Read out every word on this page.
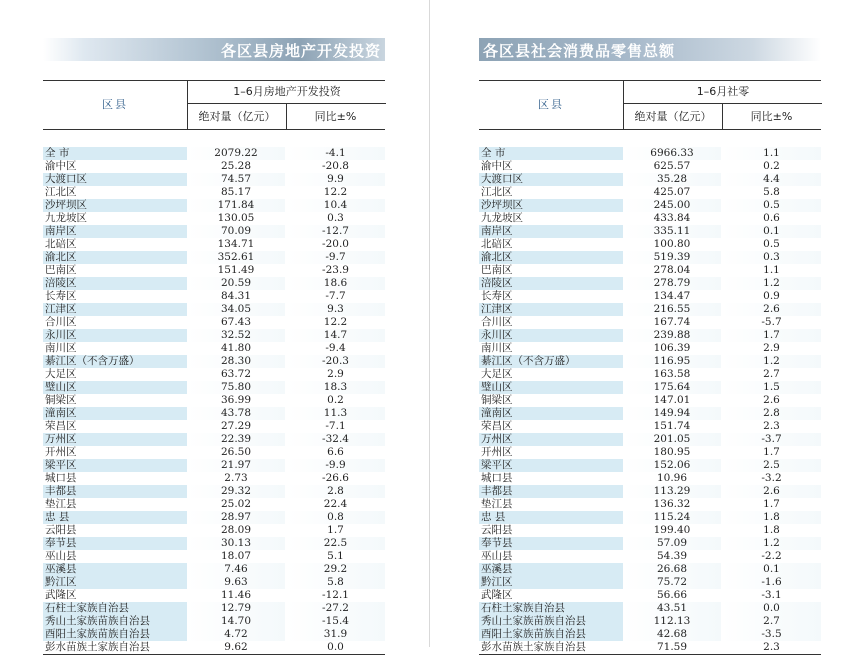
各区县房地产开发投资
区县
1–6月房地产开发投资
绝对量（亿元）	同比±%
全 市	2079.22	-4.1
渝中区	25.28	-20.8
大渡口区	74.57	9.9
江北区	85.17	12.2
沙坪坝区	171.84	10.4
九龙坡区	130.05	0.3
南岸区	70.09	-12.7
北碚区	134.71	-20.0
渝北区	352.61	-9.7
巴南区	151.49	-23.9
涪陵区	20.59	18.6
长寿区	84.31	-7.7
江津区	34.05	9.3
合川区	67.43	12.2
永川区	32.52	14.7
南川区	41.80	-9.4
綦江区（不含万盛）	28.30	-20.3
大足区	63.72	2.9
璧山区	75.80	18.3
铜梁区	36.99	0.2
潼南区	43.78	11.3
荣昌区	27.29	-7.1
万州区	22.39	-32.4
开州区	26.50	6.6
梁平区	21.97	-9.9
城口县	2.73	-26.6
丰都县	29.32	2.8
垫江县	25.02	22.4
忠 县	28.97	0.8
云阳县	28.09	1.7
奉节县	30.13	22.5
巫山县	18.07	5.1
巫溪县	7.46	29.2
黔江区	9.63	5.8
武隆区	11.46	-12.1
石柱土家族自治县	12.79	-27.2
秀山土家族苗族自治县	14.70	-15.4
酉阳土家族苗族自治县	4.72	31.9
彭水苗族土家族自治县	9.62	0.0
各区县社会消费品零售总额
区县
1–6月社零
绝对量（亿元）	同比±%
全 市	6966.33	1.1
渝中区	625.57	0.2
大渡口区	35.28	4.4
江北区	425.07	5.8
沙坪坝区	245.00	0.5
九龙坡区	433.84	0.6
南岸区	335.11	0.1
北碚区	100.80	0.5
渝北区	519.39	0.3
巴南区	278.04	1.1
涪陵区	278.79	1.2
长寿区	134.47	0.9
江津区	216.55	2.6
合川区	167.74	-5.7
永川区	239.88	1.7
南川区	106.39	2.9
綦江区（不含万盛）	116.95	1.2
大足区	163.58	2.7
璧山区	175.64	1.5
铜梁区	147.01	2.6
潼南区	149.94	2.8
荣昌区	151.74	2.3
万州区	201.05	-3.7
开州区	180.95	1.7
梁平区	152.06	2.5
城口县	10.96	-3.2
丰都县	113.29	2.6
垫江县	136.32	1.7
忠 县	115.24	1.8
云阳县	199.40	1.8
奉节县	57.09	1.2
巫山县	54.39	-2.2
巫溪县	26.68	0.1
黔江区	75.72	-1.6
武隆区	56.66	-3.1
石柱土家族自治县	43.51	0.0
秀山土家族苗族自治县	112.13	2.7
酉阳土家族苗族自治县	42.68	-3.5
彭水苗族土家族自治县	71.59	2.3
